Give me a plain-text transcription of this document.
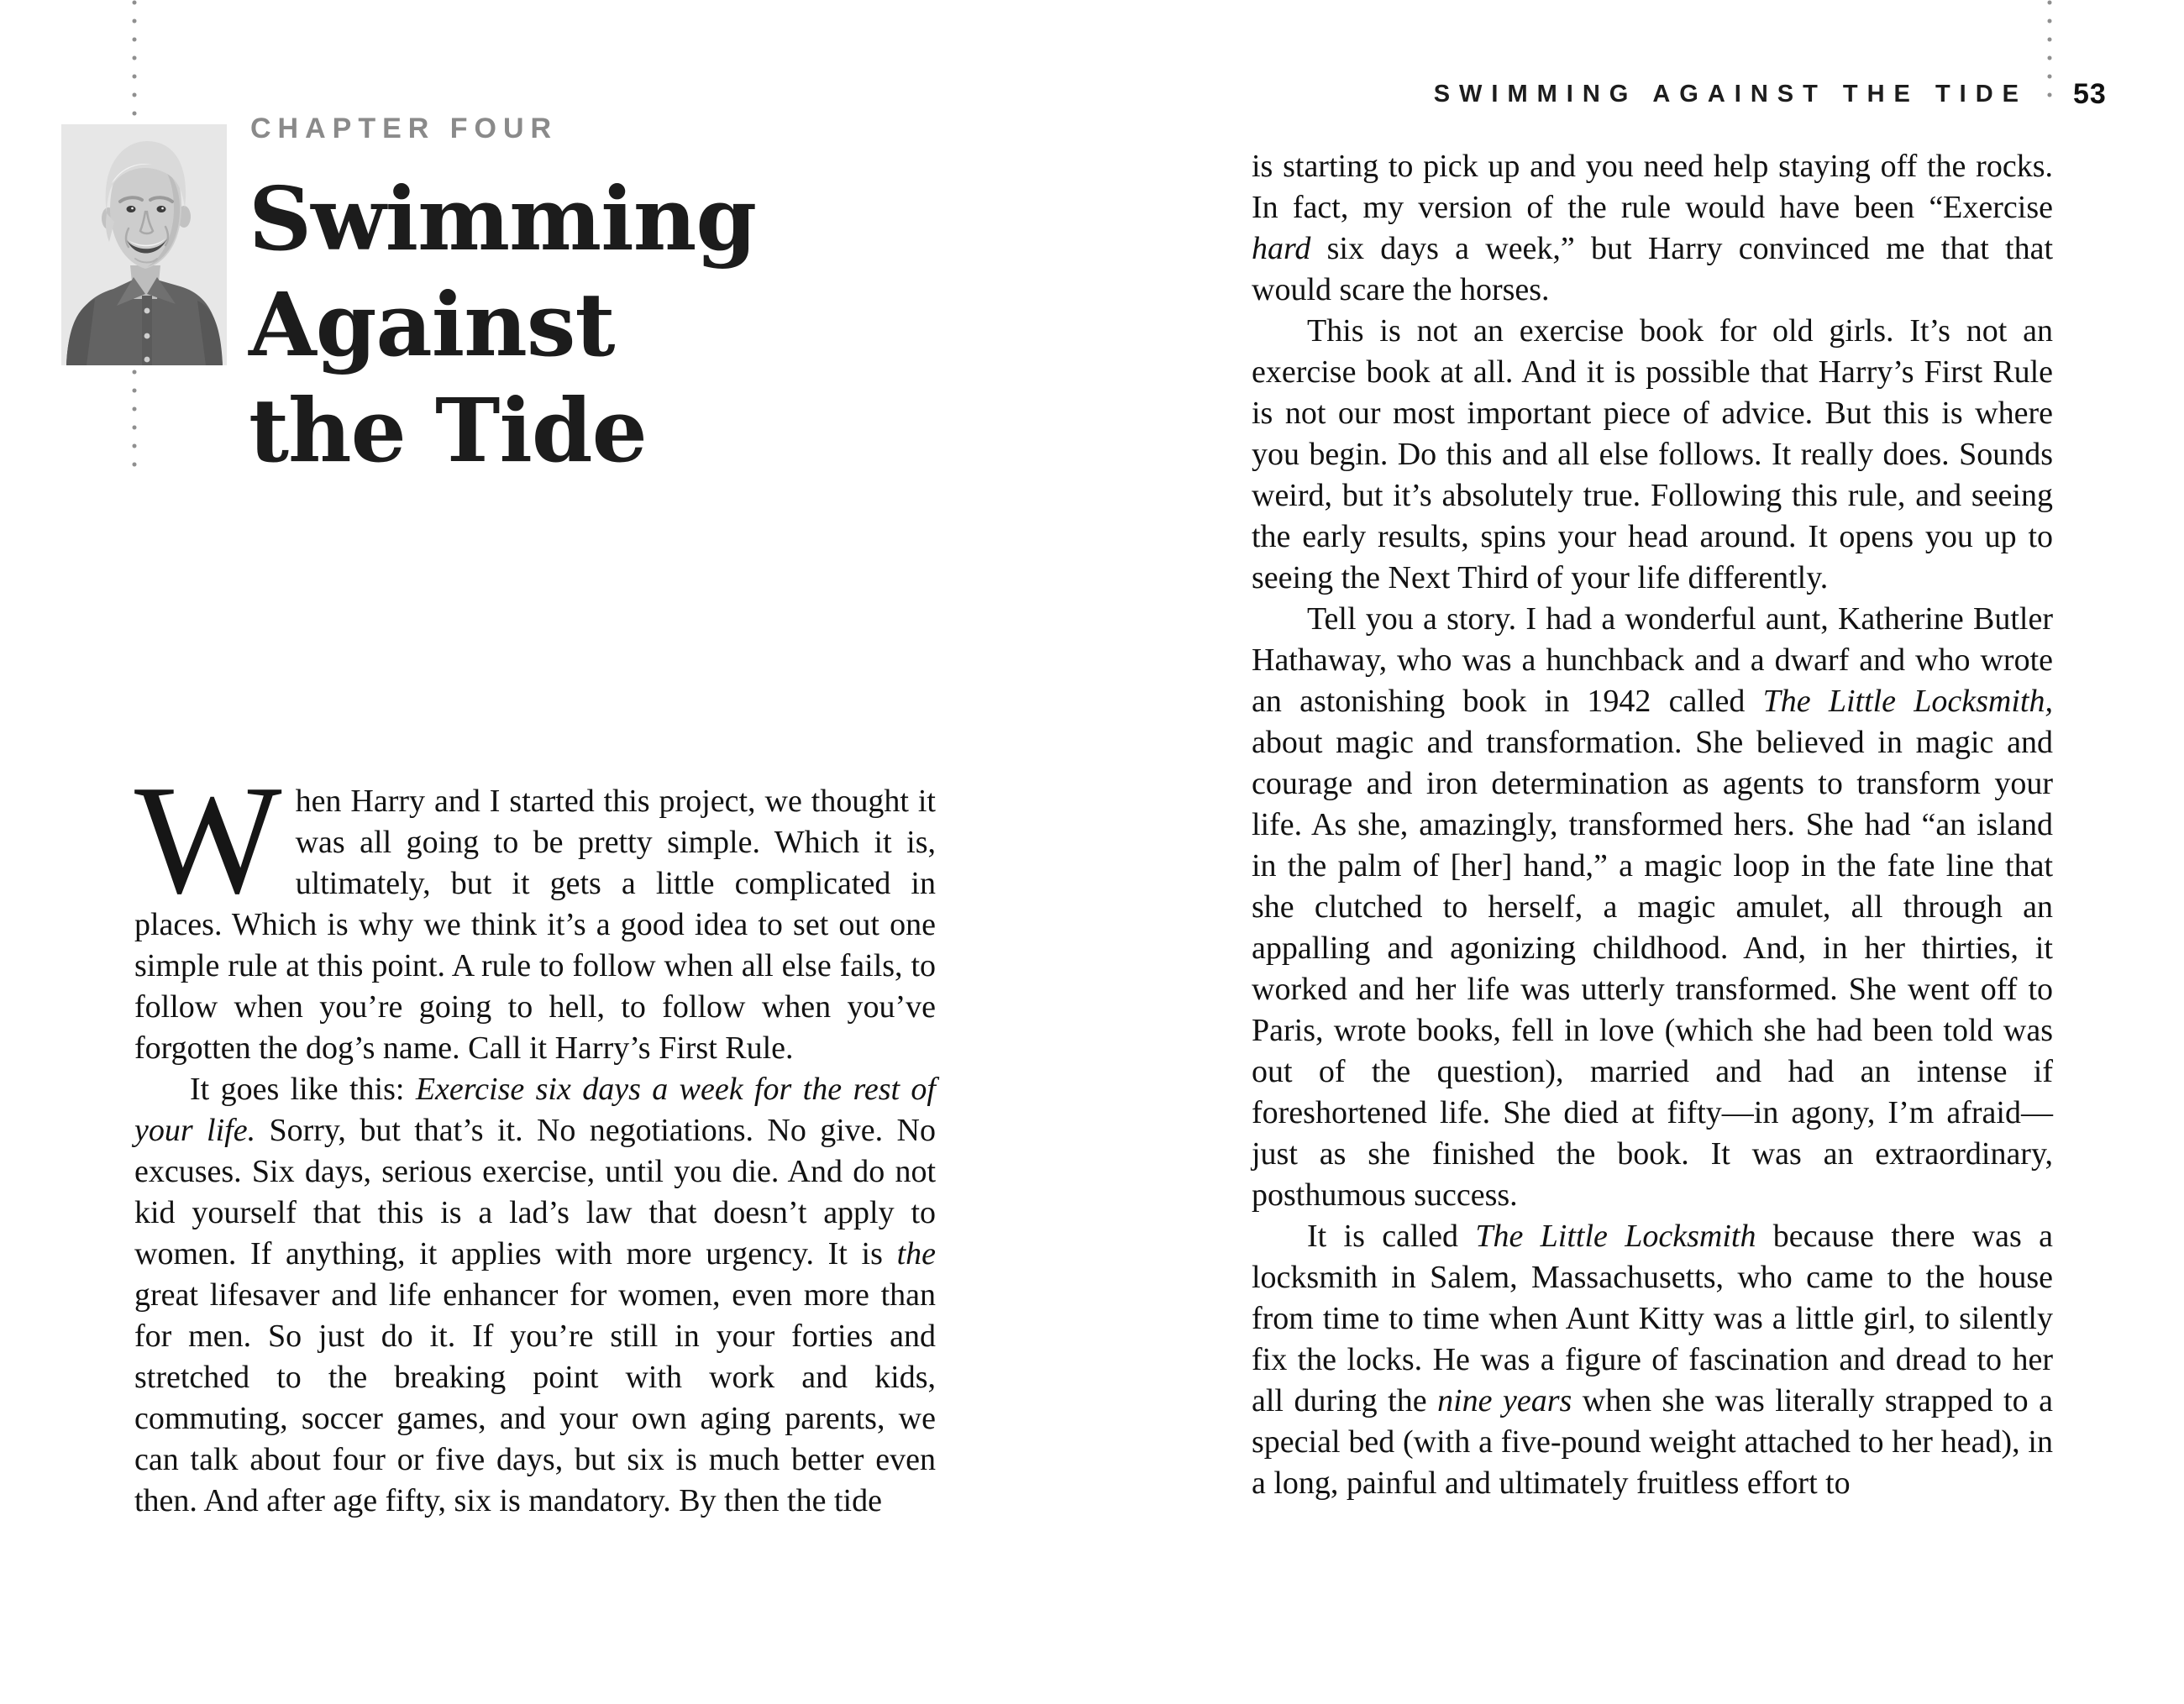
CHAPTER FOUR
Swimming
Against
the Tide
SWIMMING AGAINST THE TIDE 53

When Harry and I started this project, we thought it was all going to be pretty simple. Which it is, ultimately, but it gets a little complicated in places. Which is why we think it’s a good idea to set out one simple rule at this point. A rule to follow when all else fails, to follow when you’re going to hell, to follow when you’ve forgotten the dog’s name. Call it Harry’s First Rule.

It goes like this: Exercise six days a week for the rest of your life. Sorry, but that’s it. No negotiations. No give. No excuses. Six days, serious exercise, until you die. And do not kid yourself that this is a lad’s law that doesn’t apply to women. If anything, it applies with more urgency. It is the great lifesaver and life enhancer for women, even more than for men. So just do it. If you’re still in your forties and stretched to the breaking point with work and kids, commuting, soccer games, and your own aging parents, we can talk about four or five days, but six is much better even then. And after age fifty, six is mandatory. By then the tide

is starting to pick up and you need help staying off the rocks. In fact, my version of the rule would have been “Exercise hard six days a week,” but Harry convinced me that that would scare the horses.

This is not an exercise book for old girls. It’s not an exercise book at all. And it is possible that Harry’s First Rule is not our most important piece of advice. But this is where you begin. Do this and all else follows. It really does. Sounds weird, but it’s absolutely true. Following this rule, and seeing the early results, spins your head around. It opens you up to seeing the Next Third of your life differently.

Tell you a story. I had a wonderful aunt, Katherine Butler Hathaway, who was a hunchback and a dwarf and who wrote an astonishing book in 1942 called The Little Locksmith, about magic and transformation. She believed in magic and courage and iron determination as agents to transform your life. As she, amazingly, transformed hers. She had “an island in the palm of [her] hand,” a magic loop in the fate line that she clutched to herself, a magic amulet, all through an appalling and agonizing childhood. And, in her thirties, it worked and her life was utterly transformed. She went off to Paris, wrote books, fell in love (which she had been told was out of the question), married and had an intense if foreshortened life. She died at fifty—in agony, I’m afraid—just as she finished the book. It was an extraordinary, posthumous success.

It is called The Little Locksmith because there was a locksmith in Salem, Massachusetts, who came to the house from time to time when Aunt Kitty was a little girl, to silently fix the locks. He was a figure of fascination and dread to her all during the nine years when she was literally strapped to a special bed (with a five-pound weight attached to her head), in a long, painful and ultimately fruitless effort to
